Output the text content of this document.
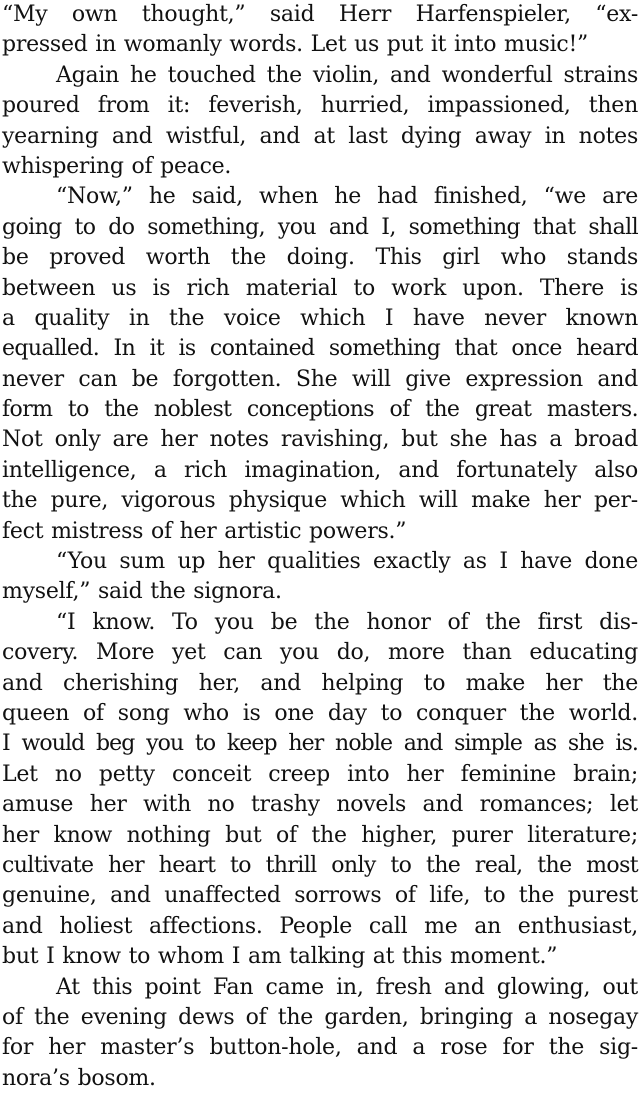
“My own thought,” said Herr Harfenspieler, “ex-
pressed in womanly words. Let us put it into music!”
Again he touched the violin, and wonderful strains
poured from it: feverish, hurried, impassioned, then
yearning and wistful, and at last dying away in notes
whispering of peace.
“Now,” he said, when he had finished, “we are
going to do something, you and I, something that shall
be proved worth the doing. This girl who stands
between us is rich material to work upon. There is
a quality in the voice which I have never known
equalled. In it is contained something that once heard
never can be forgotten. She will give expression and
form to the noblest conceptions of the great masters.
Not only are her notes ravishing, but she has a broad
intelligence, a rich imagination, and fortunately also
the pure, vigorous physique which will make her per-
fect mistress of her artistic powers.”
“You sum up her qualities exactly as I have done
myself,” said the signora.
“I know. To you be the honor of the first dis-
covery. More yet can you do, more than educating
and cherishing her, and helping to make her the
queen of song who is one day to conquer the world.
I would beg you to keep her noble and simple as she is.
Let no petty conceit creep into her feminine brain;
amuse her with no trashy novels and romances; let
her know nothing but of the higher, purer literature;
cultivate her heart to thrill only to the real, the most
genuine, and unaffected sorrows of life, to the purest
and holiest affections. People call me an enthusiast,
but I know to whom I am talking at this moment.”
At this point Fan came in, fresh and glowing, out
of the evening dews of the garden, bringing a nosegay
for her master’s button-hole, and a rose for the sig-
nora’s bosom.
